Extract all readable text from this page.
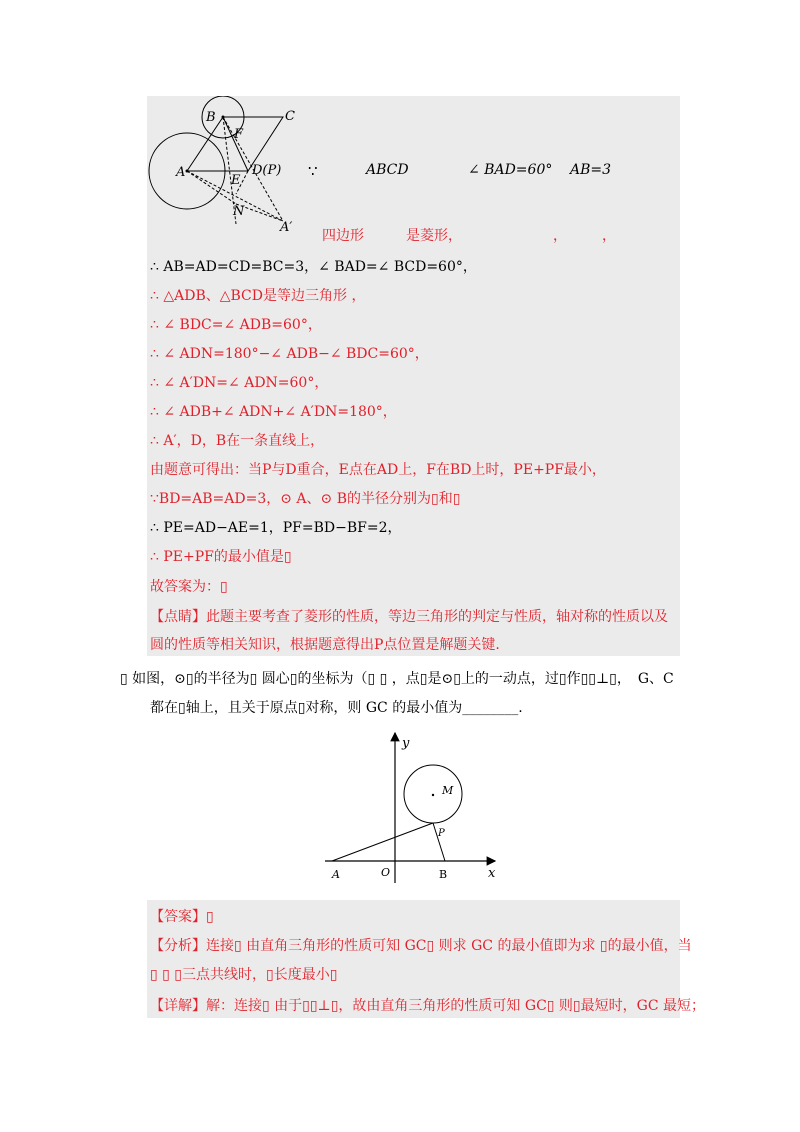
B	C
F
A
E
D(P)
N
A′
∵	ABCD	∠ BAD=60° AB=3
四边形　　　是菱形，　　　　　　　，　　　，
∴ AB=AD=CD=BC=3，∠ BAD=∠ BCD=60°，
∴ △ADB、△BCD是等边三角形 ，
∴ ∠ BDC=∠ ADB=60°，
∴ ∠ ADN=180°−∠ ADB−∠ BDC=60°，
∴ ∠ A′DN=∠ ADN=60°，
∴ ∠ ADB+∠ ADN+∠ A′DN=180°，
∴ A′，D，B在一条直线上，
由题意可得出：当P与D重合，E点在AD上，F在BD上时，PE+PF最小，
∵BD=AB=AD=3，⊙ A、⊙ B的半径分别为▯和▯
∴ PE=AD−AE=1，PF=BD−BF=2，
∴ PE+PF的最小值是▯
故答案为：▯
【点睛】此题主要考查了菱形的性质，等边三角形的判定与性质，轴对称的性质以及
圆的性质等相关知识，根据题意得出P点位置是解题关键.
▯ 如图，⊙▯的半径为▯ 圆心▯的坐标为（▯ ▯ ，点▯是⊙▯上的一动点，过▯作▯▯⊥▯，　G、C
都在▯轴上，且关于原点▯对称，则 GC 的最小值为________.
y
x
M
P
A	O	B
【答案】▯
【分析】连接▯ 由直角三角形的性质可知 GC▯ 则求 GC 的最小值即为求 ▯的最小值，当
▯ ▯ ▯三点共线时，▯长度最小▯
【详解】解：连接▯ 由于▯▯⊥▯，故由直角三角形的性质可知 GC▯ 则▯最短时，GC 最短；
